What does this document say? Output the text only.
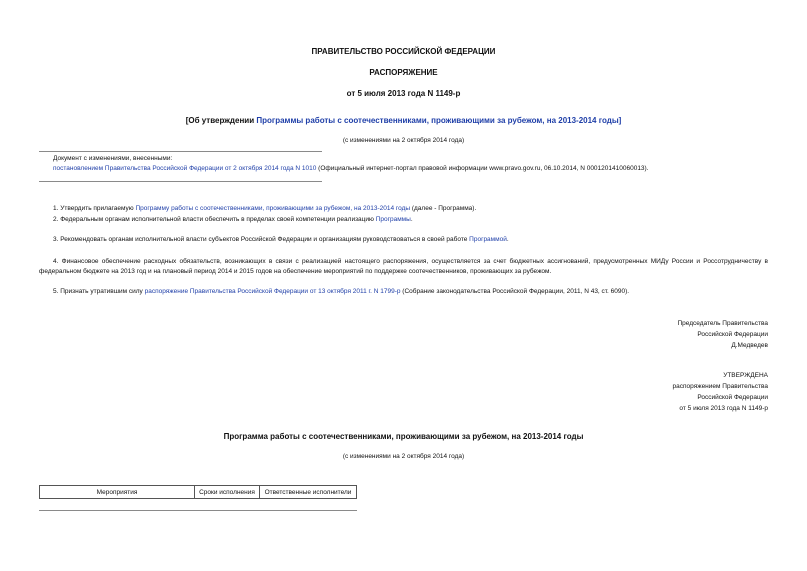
ПРАВИТЕЛЬСТВО РОССИЙСКОЙ ФЕДЕРАЦИИ
РАСПОРЯЖЕНИЕ
от 5 июля 2013 года N 1149-р
[Об утверждении Программы работы с соотечественниками, проживающими за рубежом, на 2013-2014 годы]
(с изменениями на 2 октября 2014 года)
Документ с изменениями, внесенными:
постановлением Правительства Российской Федерации от 2 октября 2014 года N 1010 (Официальный интернет-портал правовой информации www.pravo.gov.ru, 06.10.2014, N 0001201410060013).
1. Утвердить прилагаемую Программу работы с соотечественниками, проживающими за рубежом, на 2013-2014 годы (далее - Программа).
2. Федеральным органам исполнительной власти обеспечить в пределах своей компетенции реализацию Программы.
3. Рекомендовать органам исполнительной власти субъектов Российской Федерации и организациям руководствоваться в своей работе Программой.
4. Финансовое обеспечение расходных обязательств, возникающих в связи с реализацией настоящего распоряжения, осуществляется за счет бюджетных ассигнований, предусмотренных МИДу России и Россотрудничеству в федеральном бюджете на 2013 год и на плановый период 2014 и 2015 годов на обеспечение мероприятий по поддержке соотечественников, проживающих за рубежом.
5. Признать утратившим силу распоряжение Правительства Российской Федерации от 13 октября 2011 г. N 1799-р (Собрание законодательства Российской Федерации, 2011, N 43, ст. 6090).
Председатель Правительства
Российской Федерации
Д.Медведев
УТВЕРЖДЕНА
распоряжением Правительства
Российской Федерации
от 5 июля 2013 года N 1149-р
Программа работы с соотечественниками, проживающими за рубежом, на 2013-2014 годы
(с изменениями на 2 октября 2014 года)
Мероприятия	Сроки исполнения	Ответственные исполнители
